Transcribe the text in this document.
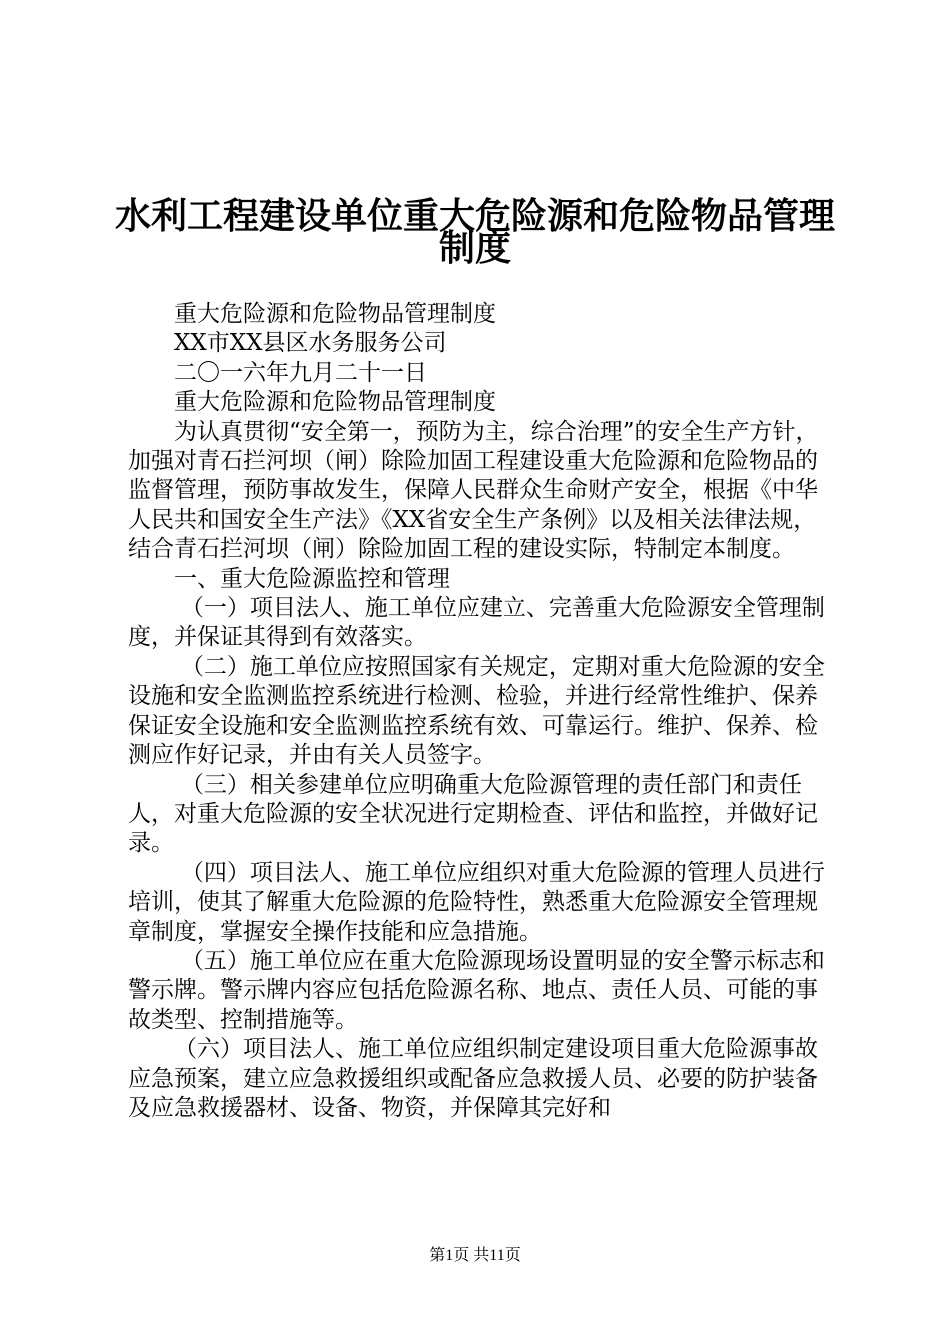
水利工程建设单位重大危险源和危险物品管理
制度

重大危险源和危险物品管理制度

XX市XX县区水务服务公司

二〇一六年九月二十一日

重大危险源和危险物品管理制度

为认真贯彻“安全第一，预防为主，综合治理”的安全生产方针，加强对青石拦河坝（闸）除险加固工程建设重大危险源和危险物品的监督管理，预防事故发生，保障人民群众生命财产安全，根据《中华人民共和国安全生产法》《XX省安全生产条例》以及相关法律法规，结合青石拦河坝（闸）除险加固工程的建设实际，特制定本制度。

一、重大危险源监控和管理

（一）项目法人、施工单位应建立、完善重大危险源安全管理制度，并保证其得到有效落实。

（二）施工单位应按照国家有关规定，定期对重大危险源的安全设施和安全监测监控系统进行检测、检验，并进行经常性维护、保养保证安全设施和安全监测监控系统有效、可靠运行。维护、保养、检测应作好记录，并由有关人员签字。

（三）相关参建单位应明确重大危险源管理的责任部门和责任人，对重大危险源的安全状况进行定期检查、评估和监控，并做好记录。

（四）项目法人、施工单位应组织对重大危险源的管理人员进行培训，使其了解重大危险源的危险特性，熟悉重大危险源安全管理规章制度，掌握安全操作技能和应急措施。

（五）施工单位应在重大危险源现场设置明显的安全警示标志和警示牌。警示牌内容应包括危险源名称、地点、责任人员、可能的事故类型、控制措施等。

（六）项目法人、施工单位应组织制定建设项目重大危险源事故应急预案，建立应急救援组织或配备应急救援人员、必要的防护装备及应急救援器材、设备、物资，并保障其完好和

第1页 共11页
